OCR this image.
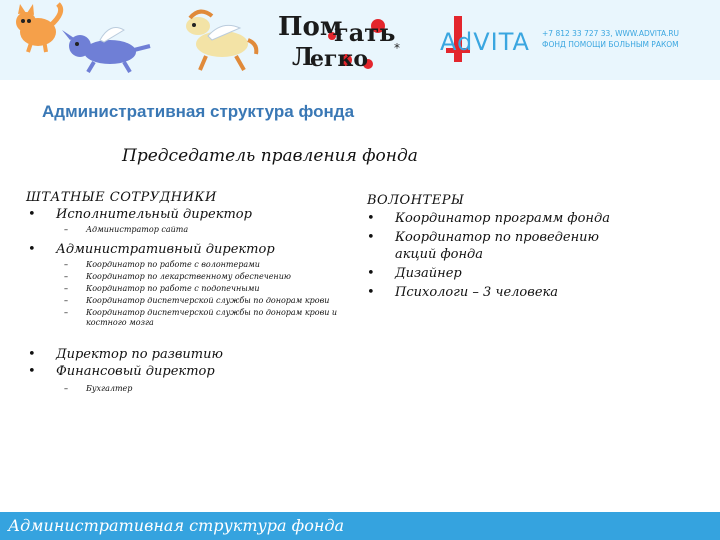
*
Пом
гать
Л
егко
AdVITA +7 812 33 727 33, WWW.ADVITA.RU
ФОНД ПОМОЩИ БОЛЬНЫМ РАКОМ
Административная структура фонда
Председатель правления фонда
ШТАТНЫЕ СОТРУДНИКИ
• Исполнительный директор
– Администратор сайта
• Административный директор
– Координатор по работе с волонтерами
– Координатор по лекарственному обеспечению
– Координатор по работе с подопечными
– Координатор диспетчерской службы по донорам крови
– Координатор диспетчерской службы по донорам крови и костного мозга
• Директор по развитию
• Финансовый директор
– Бухгалтер
ВОЛОНТЕРЫ
• Координатор программ фонда
• Координатор по проведению акций фонда
• Дизайнер
• Психологи – 3 человека
Административная структура фонда
